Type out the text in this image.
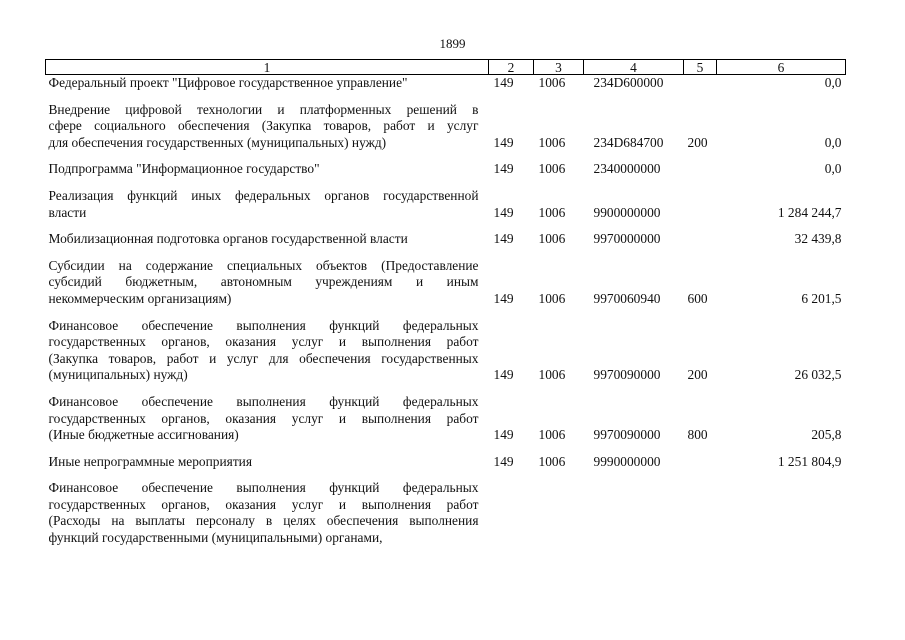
1899
1	2	3	4	5	6

Федеральный проект "Цифровое государственное управление"	149	1006	234D600000		0,0

Внедрение цифровой технологии и платформенных решений в
сфере социального обеспечения (Закупка товаров, работ и услуг
для обеспечения государственных (муниципальных) нужд)	149	1006	234D684700	200	0,0

Подпрограмма "Информационное государство"	149	1006	2340000000		0,0

Реализация функций иных федеральных органов государственной
власти	149	1006	9900000000		1 284 244,7

Мобилизационная подготовка органов государственной власти	149	1006	9970000000		32 439,8

Субсидии на содержание специальных объектов (Предоставление
субсидий бюджетным, автономным учреждениям и иным
некоммерческим организациям)	149	1006	9970060940	600	6 201,5

Финансовое обеспечение выполнения функций федеральных
государственных органов, оказания услуг и выполнения работ
(Закупка товаров, работ и услуг для обеспечения государственных
(муниципальных) нужд)	149	1006	9970090000	200	26 032,5

Финансовое обеспечение выполнения функций федеральных
государственных органов, оказания услуг и выполнения работ
(Иные бюджетные ассигнования)	149	1006	9970090000	800	205,8

Иные непрограммные мероприятия	149	1006	9990000000		1 251 804,9

Финансовое обеспечение выполнения функций федеральных
государственных органов, оказания услуг и выполнения работ
(Расходы на выплаты персоналу в целях обеспечения выполнения
функций государственными (муниципальными) органами,					
